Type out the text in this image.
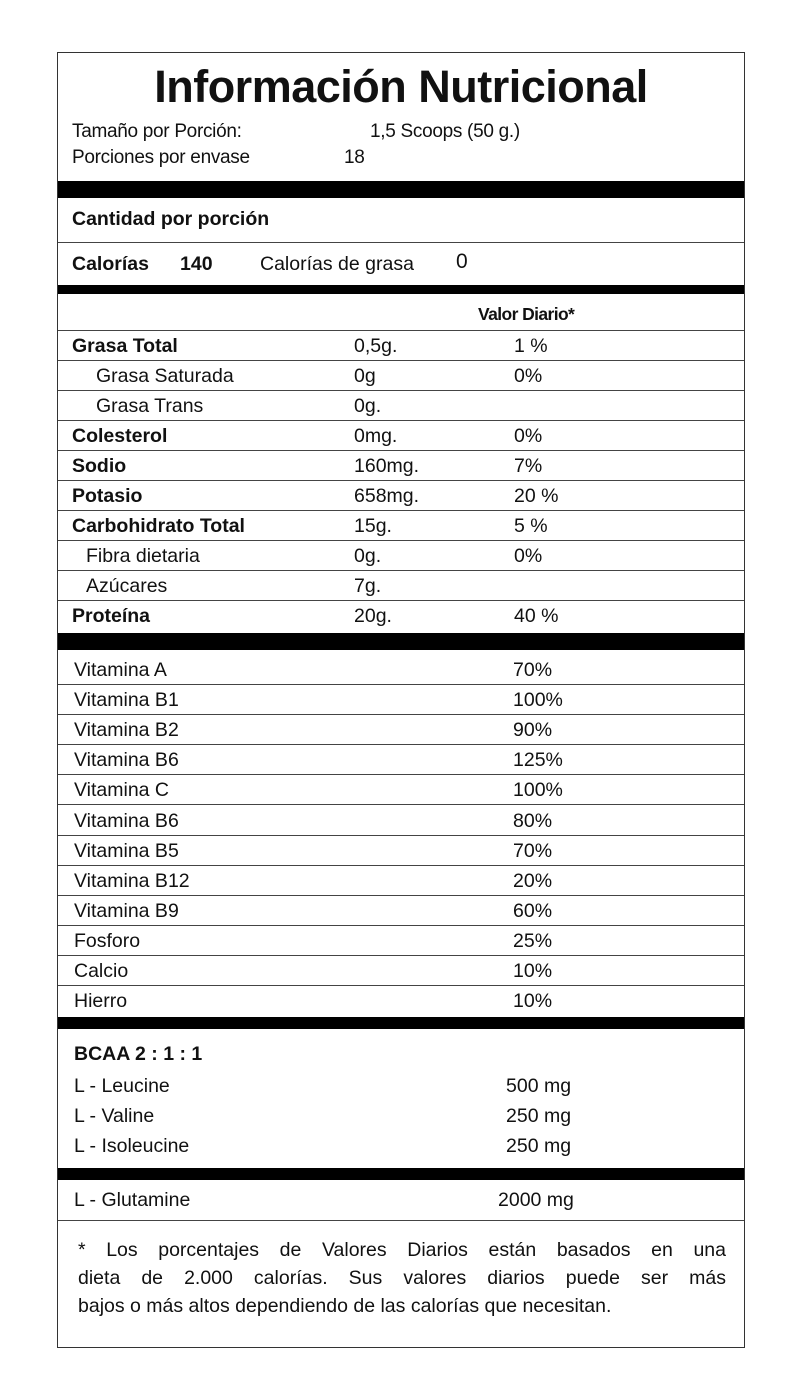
Información Nutricional
Tamaño por Porción:	1,5 Scoops (50 g.)
Porciones por envase	18
Cantidad por porción
Calorías 140 Calorías de grasa 0
Valor Diario*
Grasa Total	0,5g.	1 %
Grasa Saturada	0g	0%
Grasa Trans	0g.
Colesterol	0mg.	0%
Sodio	160mg.	7%
Potasio	658mg.	20 %
Carbohidrato Total	15g.	5 %
Fibra dietaria	0g.	0%
Azúcares	7g.
Proteína	20g.	40 %
Vitamina A	70%
Vitamina B1	100%
Vitamina B2	90%
Vitamina B6	125%
Vitamina C	100%
Vitamina B6	80%
Vitamina B5	70%
Vitamina B12	20%
Vitamina B9	60%
Fosforo	25%
Calcio	10%
Hierro	10%
BCAA 2 : 1 : 1
L - Leucine	500 mg
L - Valine	250 mg
L - Isoleucine	250 mg
L - Glutamine	2000 mg
* Los porcentajes de Valores Diarios están basados en una
dieta de 2.000 calorías. Sus valores diarios puede ser más
bajos o más altos dependiendo de las calorías que necesitan.
